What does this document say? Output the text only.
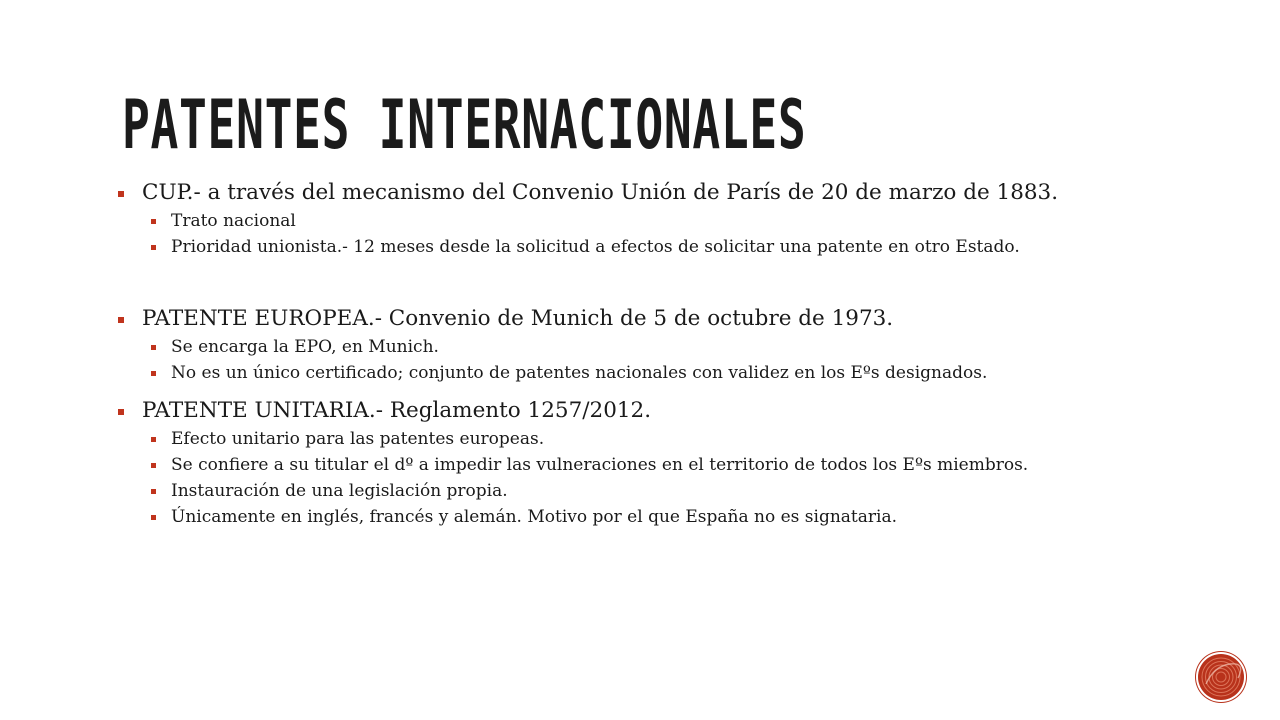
PATENTES INTERNACIONALES

CUP.- a través del mecanismo del Convenio Unión de París de 20 de marzo de 1883.

Trato nacional

Prioridad unionista.- 12 meses desde la solicitud a efectos de solicitar una patente en otro Estado.

PATENTE EUROPEA.- Convenio de Munich de 5 de octubre de 1973.

Se encarga la EPO, en Munich.

No es un único certificado; conjunto de patentes nacionales con validez en los Eºs designados.

PATENTE UNITARIA.- Reglamento 1257/2012.

Efecto unitario para las patentes europeas.

Se confiere a su titular el dº a impedir las vulneraciones en el territorio de todos los Eºs miembros.

Instauración de una legislación propia.

Únicamente en inglés, francés y alemán. Motivo por el que España no es signataria.
